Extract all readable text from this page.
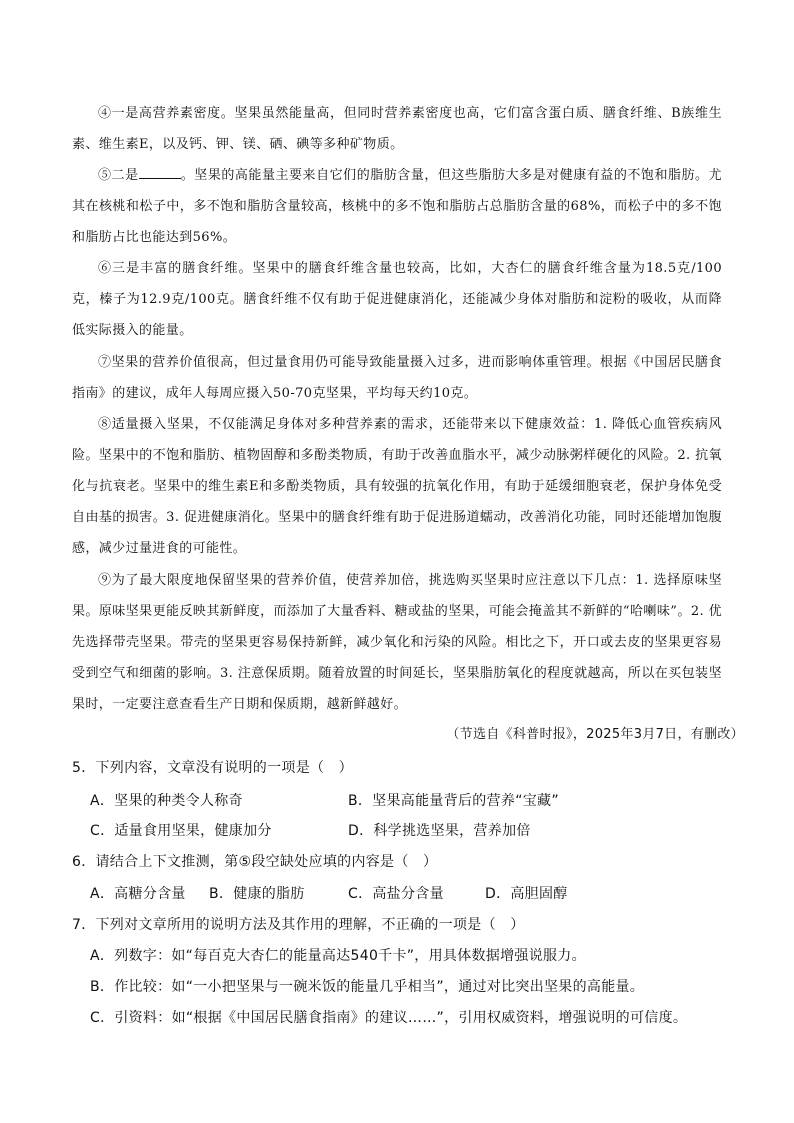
④一是高营养素密度。坚果虽然能量高，但同时营养素密度也高，它们富含蛋白质、膳食纤维、B族维生素、维生素E，以及钙、钾、镁、硒、碘等多种矿物质。

⑤二是	。坚果的高能量主要来自它们的脂肪含量，但这些脂肪大多是对健康有益的不饱和脂肪。尤其在核桃和松子中，多不饱和脂肪含量较高，核桃中的多不饱和脂肪占总脂肪含量的68%，而松子中的多不饱和脂肪占比也能达到56%。

⑥三是丰富的膳食纤维。坚果中的膳食纤维含量也较高，比如，大杏仁的膳食纤维含量为18.5克/100克，榛子为12.9克/100克。膳食纤维不仅有助于促进健康消化，还能减少身体对脂肪和淀粉的吸收，从而降低实际摄入的能量。

⑦坚果的营养价值很高，但过量食用仍可能导致能量摄入过多，进而影响体重管理。根据《中国居民膳食指南》的建议，成年人每周应摄入50-70克坚果，平均每天约10克。

⑧适量摄入坚果，不仅能满足身体对多种营养素的需求，还能带来以下健康效益：1. 降低心血管疾病风险。坚果中的不饱和脂肪、植物固醇和多酚类物质，有助于改善血脂水平，减少动脉粥样硬化的风险。2. 抗氧化与抗衰老。坚果中的维生素E和多酚类物质，具有较强的抗氧化作用，有助于延缓细胞衰老，保护身体免受自由基的损害。3. 促进健康消化。坚果中的膳食纤维有助于促进肠道蠕动，改善消化功能，同时还能增加饱腹感，减少过量进食的可能性。

⑨为了最大限度地保留坚果的营养价值，使营养加倍，挑选购买坚果时应注意以下几点：1. 选择原味坚果。原味坚果更能反映其新鲜度，而添加了大量香料、糖或盐的坚果，可能会掩盖其不新鲜的“哈喇味”。2. 优先选择带壳坚果。带壳的坚果更容易保持新鲜，减少氧化和污染的风险。相比之下，开口或去皮的坚果更容易受到空气和细菌的影响。3. 注意保质期。随着放置的时间延长，坚果脂肪氧化的程度就越高，所以在买包装坚果时，一定要注意查看生产日期和保质期，越新鲜越好。

（节选自《科普时报》，2025年3月7日，有删改）
5．下列内容，文章没有说明的一项是（　）
A．坚果的种类令人称奇	B．坚果高能量背后的营养“宝藏”
C．适量食用坚果，健康加分	D．科学挑选坚果，营养加倍
6．请结合上下文推测，第⑤段空缺处应填的内容是（　）
A．高糖分含量 B．健康的脂肪	C．高盐分含量	D．高胆固醇
7．下列对文章所用的说明方法及其作用的理解，不正确的一项是（　）
A．列数字：如“每百克大杏仁的能量高达540千卡”，用具体数据增强说服力。
B．作比较：如“一小把坚果与一碗米饭的能量几乎相当”，通过对比突出坚果的高能量。
C．引资料：如“根据《中国居民膳食指南》的建议……”，引用权威资料，增强说明的可信度。
